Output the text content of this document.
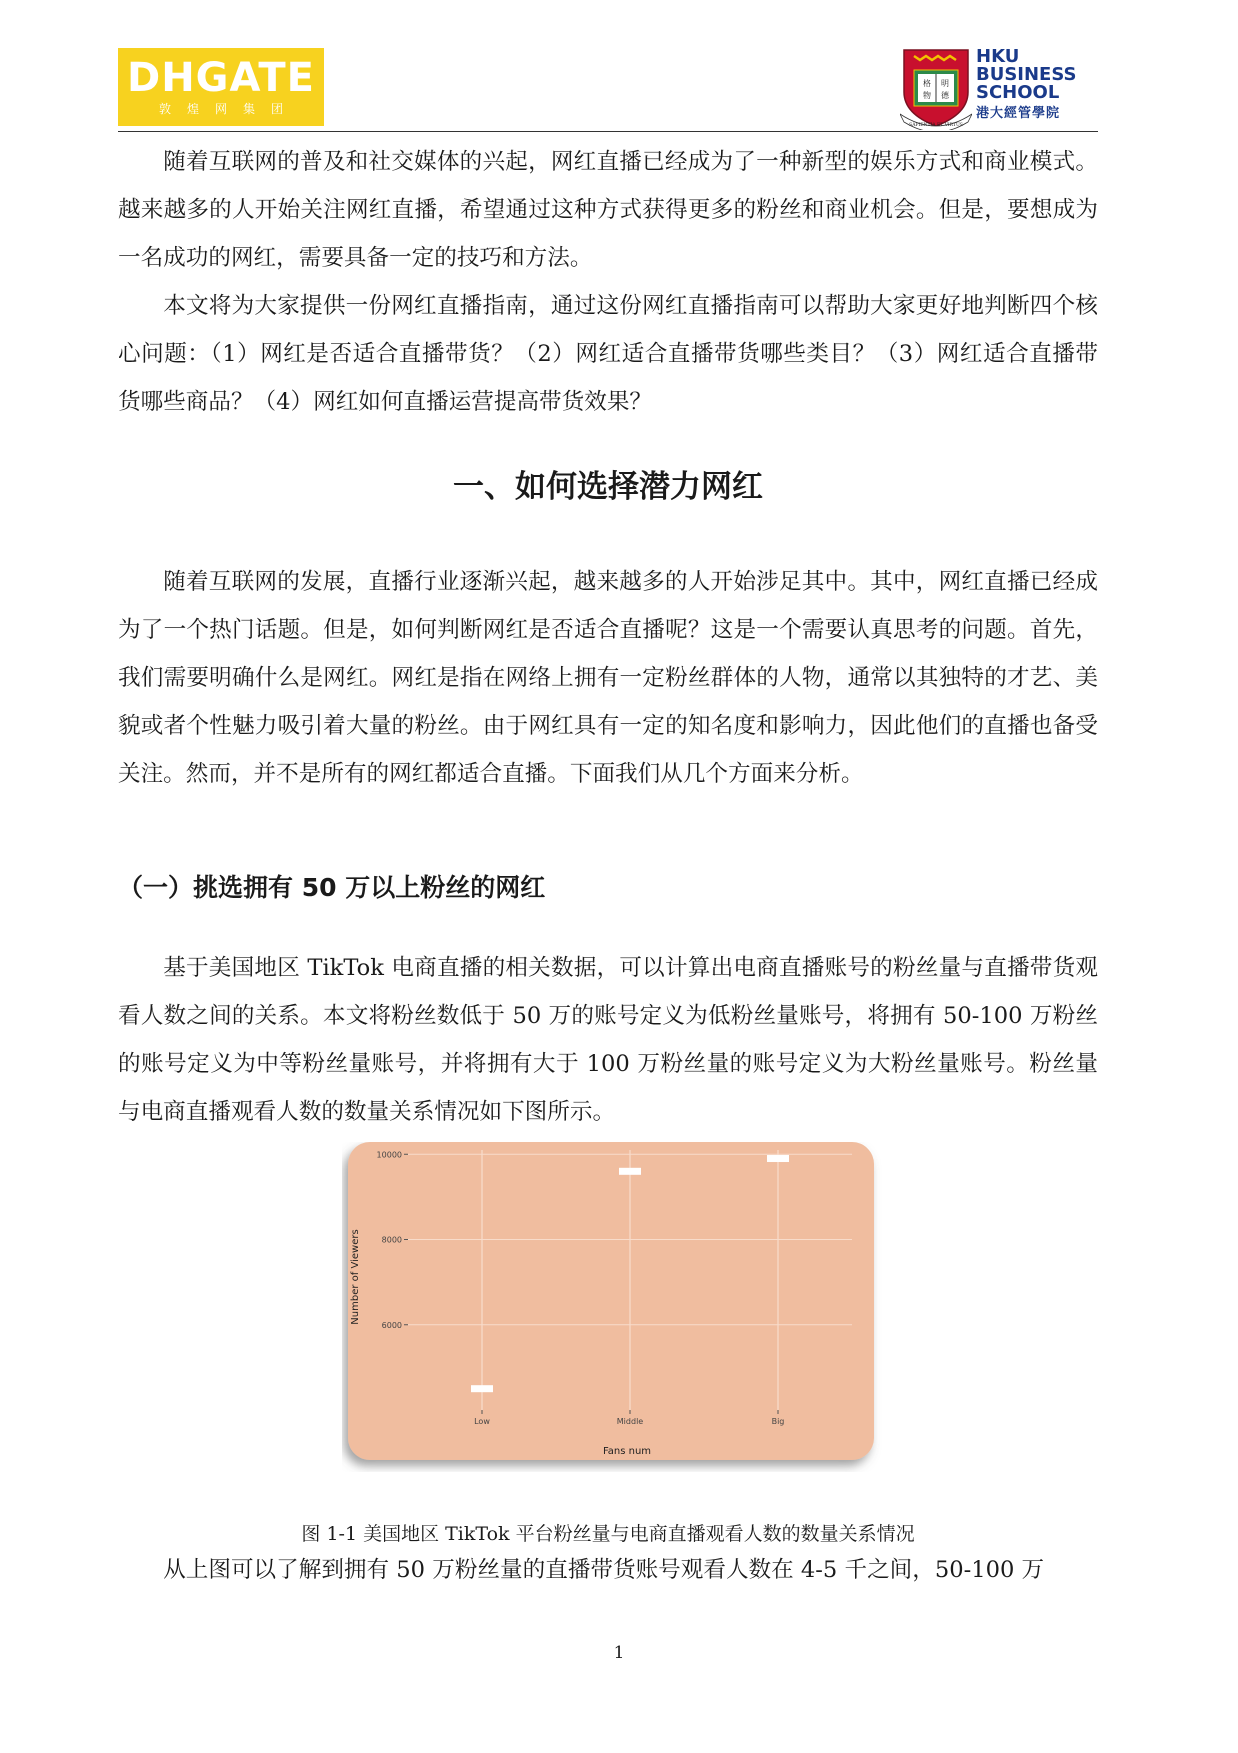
DHGATE
敦煌网集团
格 明
物 德
SAPIENTIA ET VIRTUS
HKU
BUSINESS
SCHOOL
港大經管學院

随着互联网的普及和社交媒体的兴起，网红直播已经成为了一种新型的娱乐方式和商业模式。越来越多的人开始关注网红直播，希望通过这种方式获得更多的粉丝和商业机会。但是，要想成为一名成功的网红，需要具备一定的技巧和方法。

本文将为大家提供一份网红直播指南，通过这份网红直播指南可以帮助大家更好地判断四个核心问题：（1）网红是否适合直播带货？（2）网红适合直播带货哪些类目？（3）网红适合直播带货哪些商品？（4）网红如何直播运营提高带货效果？

一、如何选择潜力网红

随着互联网的发展，直播行业逐渐兴起，越来越多的人开始涉足其中。其中，网红直播已经成为了一个热门话题。但是，如何判断网红是否适合直播呢？这是一个需要认真思考的问题。首先，我们需要明确什么是网红。网红是指在网络上拥有一定粉丝群体的人物，通常以其独特的才艺、美貌或者个性魅力吸引着大量的粉丝。由于网红具有一定的知名度和影响力，因此他们的直播也备受关注。然而，并不是所有的网红都适合直播。下面我们从几个方面来分析。

（一）挑选拥有 50 万以上粉丝的网红

基于美国地区 TikTok 电商直播的相关数据，可以计算出电商直播账号的粉丝量与直播带货观看人数之间的关系。本文将粉丝数低于 50 万的账号定义为低粉丝量账号，将拥有 50-100 万粉丝的账号定义为中等粉丝量账号，并将拥有大于 100 万粉丝量的账号定义为大粉丝量账号。粉丝量与电商直播观看人数的数量关系情况如下图所示。

6000
8000
10000
Low	Middle	Big
Fans num
Number of Viewers

图 1-1 美国地区 TikTok 平台粉丝量与电商直播观看人数的数量关系情况

从上图可以了解到拥有 50 万粉丝量的直播带货账号观看人数在 4-5 千之间，50-100 万

1
